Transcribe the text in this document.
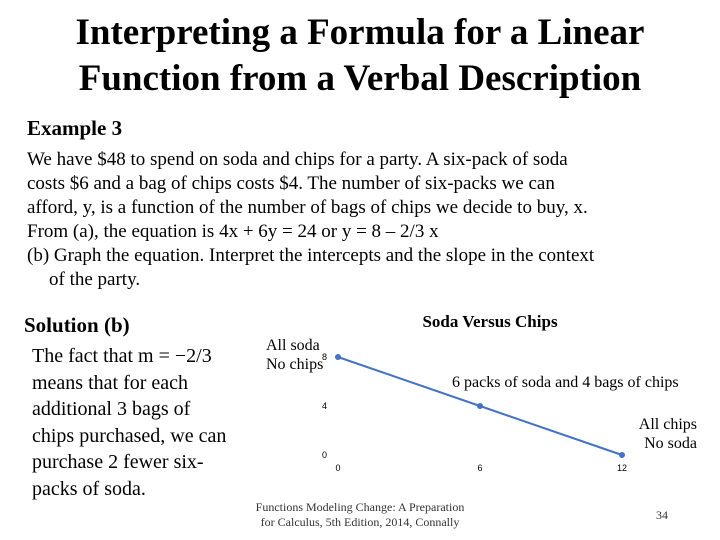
Interpreting a Formula for a Linear
Function from a Verbal Description
Example 3

We have $48 to spend on soda and chips for a party. A six-pack of soda

costs $6 and a bag of chips costs $4. The number of six-packs we can

afford, y, is a function of the number of bags of chips we decide to buy, x.

From (a), the equation is 4x + 6y = 24 or y = 8 – 2/3 x

(b) Graph the equation. Interpret the intercepts and the slope in the context

of the party.

Solution (b)
The fact that m = −2/3
means that for each
additional 3 bags of
chips purchased, we can
purchase 2 fewer six-
packs of soda.
Soda Versus Chips
All soda
No chips
6 packs of soda and 4 bags of chips
All chips
No soda
0	6	12
0
4
8
Functions Modeling Change: A Preparation
for Calculus, 5th Edition, 2014, Connally	34
